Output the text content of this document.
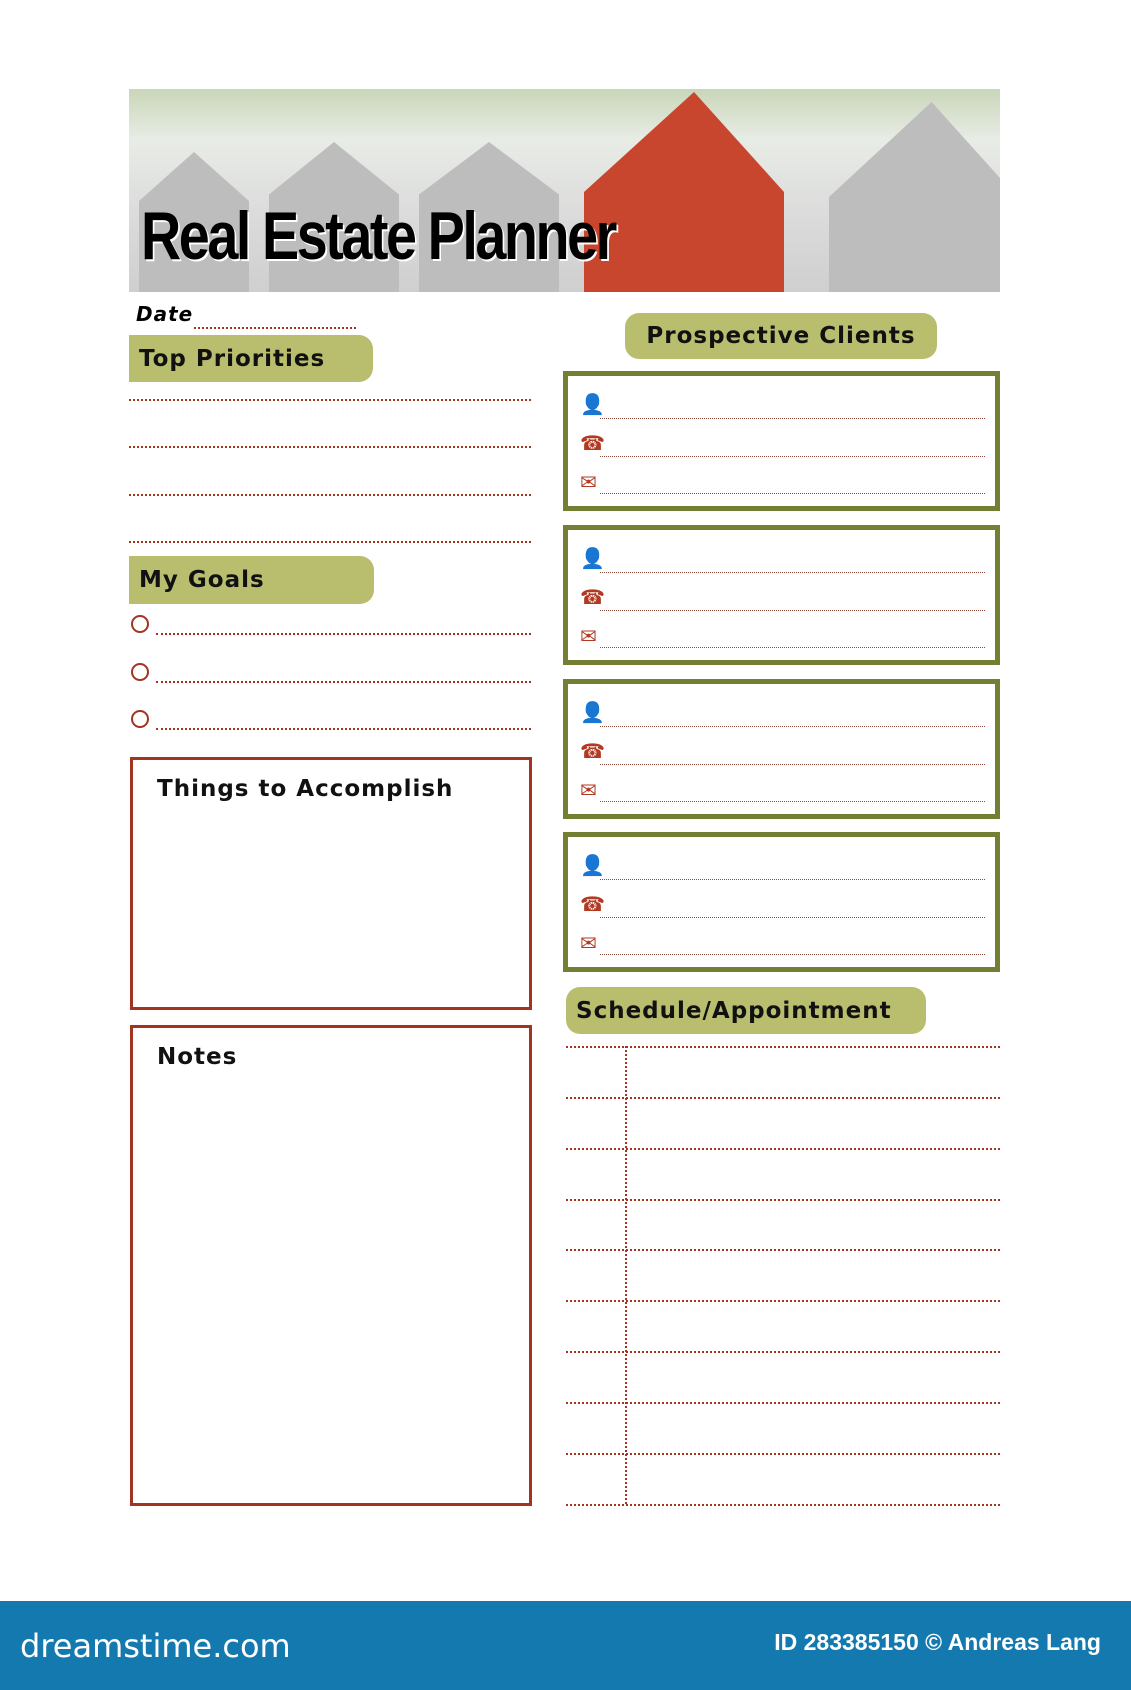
Real Estate Planner
Date
Top Priorities
My Goals
Things to Accomplish
Notes
Prospective Clients
👤
☎
✉
👤
☎
✉
👤
☎
✉
👤
☎
✉
Schedule/Appointment
dreamstime.com	ID 283385150 © Andreas Lang
